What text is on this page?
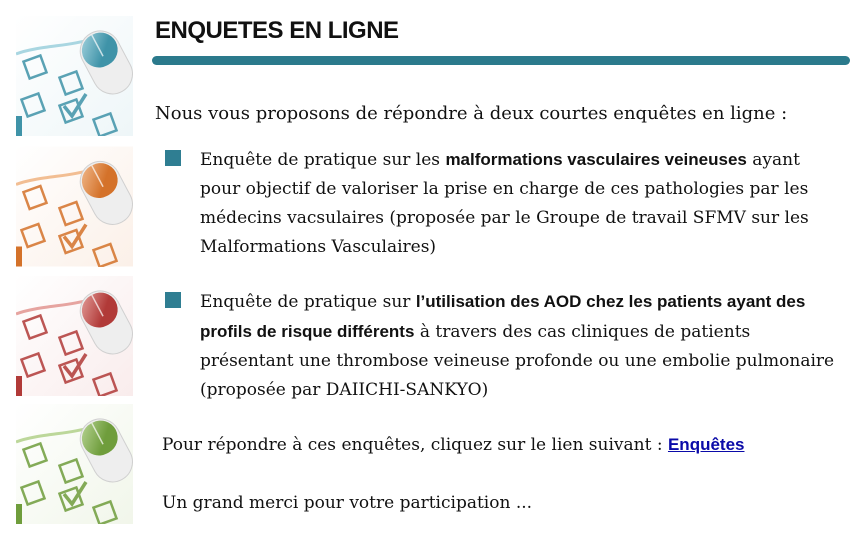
ENQUETES EN LIGNE

Nous vous proposons de répondre à deux courtes enquêtes en ligne :

Enquête de pratique sur les malformations vasculaires veineuses ayant pour objectif de valoriser la prise en charge de ces pathologies par les médecins vacsulaires (proposée par le Groupe de travail SFMV sur les Malformations Vasculaires)
Enquête de pratique sur l’utilisation des AOD chez les patients ayant des profils de risque différents à travers des cas cliniques de patients présentant une thrombose veineuse profonde ou une embolie pulmonaire (proposée par DAIICHI-SANKYO)

Pour répondre à ces enquêtes, cliquez sur le lien suivant : Enquêtes

Un grand merci pour votre participation ...
